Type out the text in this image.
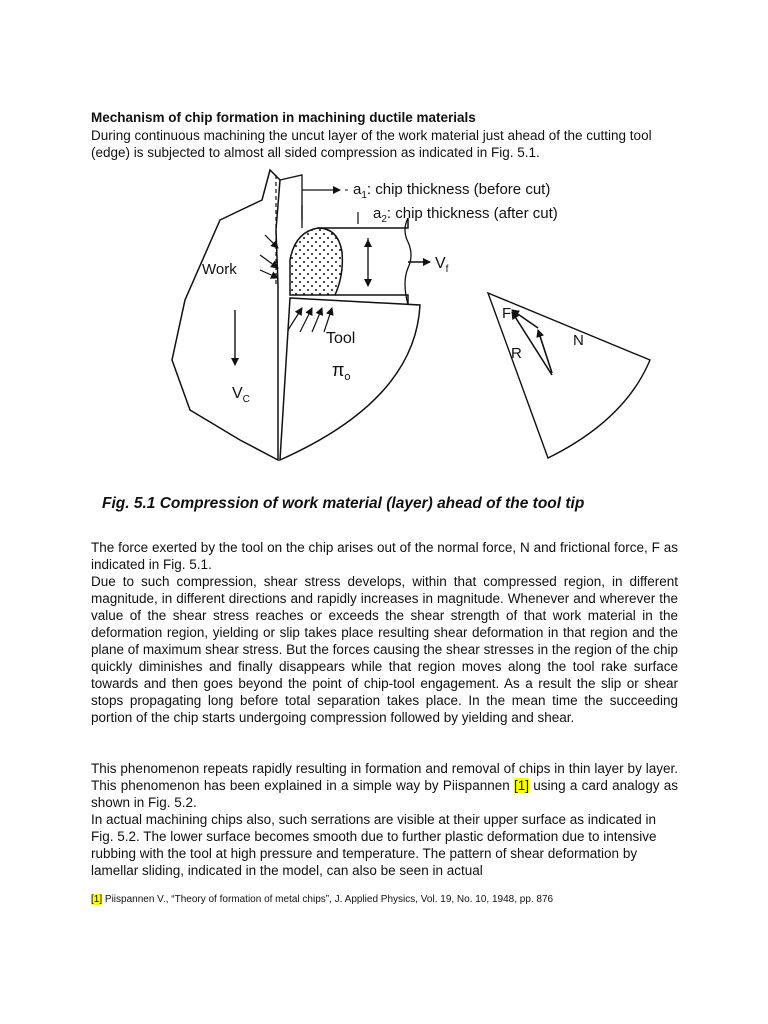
Mechanism of chip formation in machining ductile materials
During continuous machining the uncut layer of the work material just ahead of the cutting tool (edge) is subjected to almost all sided compression as indicated in Fig. 5.1.
$a_1$: chip thickness (before cut)
$a_2$: chip thickness (after cut)
$V_f$
Work
Tool
$\pi_o$
$V_C$
F
N
R
Fig. 5.1 Compression of work material (layer) ahead of the tool tip

The force exerted by the tool on the chip arises out of the normal force, N and frictional force, F as indicated in Fig. 5.1.

Due to such compression, shear stress develops, within that compressed region, in different magnitude, in different directions and rapidly increases in magnitude. Whenever and wherever the value of the shear stress reaches or exceeds the shear strength of that work material in the deformation region, yielding or slip takes place resulting shear deformation in that region and the plane of maximum shear stress. But the forces causing the shear stresses in the region of the chip quickly diminishes and finally disappears while that region moves along the tool rake surface towards and then goes beyond the point of chip-tool engagement. As a result the slip or shear stops propagating long before total separation takes place. In the mean time the succeeding portion of the chip starts undergoing compression followed by yielding and shear.

This phenomenon repeats rapidly resulting in formation and removal of chips in thin layer by layer. This phenomenon has been explained in a simple way by Piispannen [1] using a card analogy as shown in Fig. 5.2.

In actual machining chips also, such serrations are visible at their upper surface as indicated in Fig. 5.2. The lower surface becomes smooth due to further plastic deformation due to intensive rubbing with the tool at high pressure and temperature. The pattern of shear deformation by lamellar sliding, indicated in the model, can also be seen in actual

[1] Piispannen V., “Theory of formation of metal chips”, J. Applied Physics, Vol. 19, No. 10, 1948, pp. 876
